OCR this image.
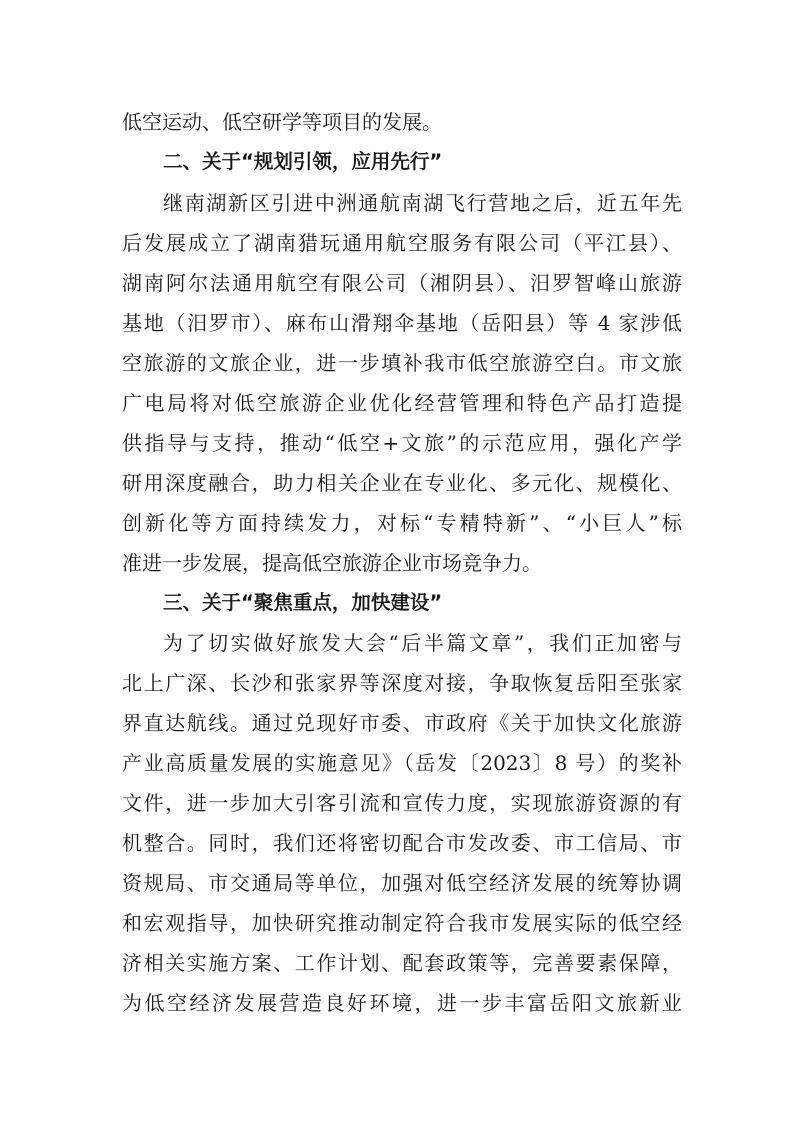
低空运动、低空研学等项目的发展。
二、关于“规划引领，应用先行”
继南湖新区引进中洲通航南湖飞行营地之后，近五年先
后发展成立了湖南猎玩通用航空服务有限公司（平江县）、
湖南阿尔法通用航空有限公司（湘阴县）、汨罗智峰山旅游
基地（汨罗市）、麻布山滑翔伞基地（岳阳县）等 4 家涉低
空旅游的文旅企业，进一步填补我市低空旅游空白。市文旅
广电局将对低空旅游企业优化经营管理和特色产品打造提
供指导与支持，推动“低空+文旅”的示范应用，强化产学
研用深度融合，助力相关企业在专业化、多元化、规模化、
创新化等方面持续发力，对标“专精特新”、“小巨人”标
准进一步发展，提高低空旅游企业市场竞争力。
三、关于“聚焦重点，加快建设”
为了切实做好旅发大会“后半篇文章”，我们正加密与
北上广深、长沙和张家界等深度对接，争取恢复岳阳至张家
界直达航线。通过兑现好市委、市政府《关于加快文化旅游
产业高质量发展的实施意见》（岳发〔2023〕8 号）的奖补
文件，进一步加大引客引流和宣传力度，实现旅游资源的有
机整合。同时，我们还将密切配合市发改委、市工信局、市
资规局、市交通局等单位，加强对低空经济发展的统筹协调
和宏观指导，加快研究推动制定符合我市发展实际的低空经
济相关实施方案、工作计划、配套政策等，完善要素保障，
为低空经济发展营造良好环境，进一步丰富岳阳文旅新业
